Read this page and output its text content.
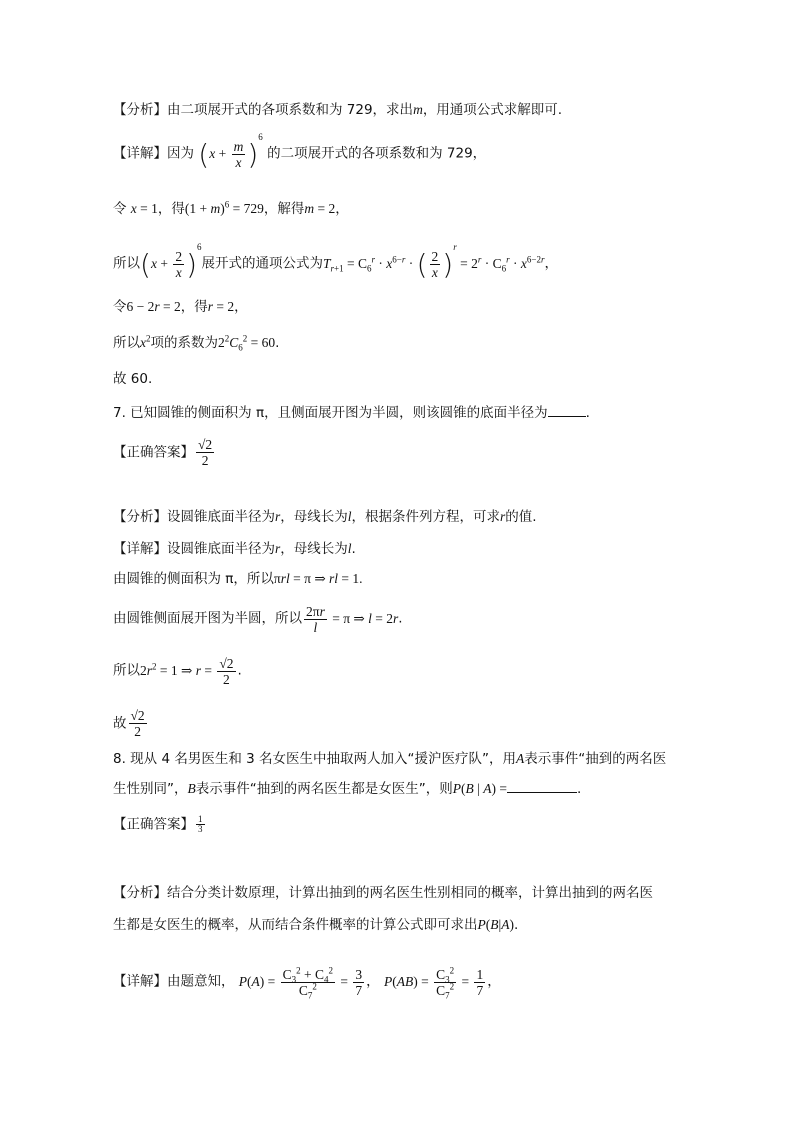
【分析】由二项展开式的各项系数和为 729，求出m，用通项公式求解即可.
【详解】因为 $(x + \frac{m}{x} )^6$ 的二项展开式的各项系数和为 729，
令 x = 1，得$(1 + m)^6 = 729$，解得m = 2，
所以$(x + \frac{2}{x} )^6$展开式的通项公式为$T_{r+1} = C_6^r \cdot x^{6-r}$ · ( $\frac{2}{x} )^r = 2^r \cdot C_6^r \cdot x^{6-2r}$，
令6 − 2r = 2，得r = 2，
所以$x^2$项的系数为$2^2C_6^2 = 60$.
故 60.
7. 已知圆锥的侧面积为 π，且侧面展开图为半圆，则该圆锥的底面半径为	.
【正确答案】 $\frac{√2}{2}$
【分析】设圆锥底面半径为r，母线长为l，根据条件列方程，可求r的值.
【详解】设圆锥底面半径为r，母线长为l.
由圆锥的侧面积为 π，所以πrl = π ⇒ rl = 1.
由圆锥侧面展开图为半圆，所以 $\frac{2\pi r}{l} = \pi$ ⇒ l = 2r.
所以$2r^2 = 1$ ⇒ $r = \frac{√2}{2}$ .
故 $\frac{√2}{2}$
8. 现从 4 名男医生和 3 名女医生中抽取两人加入“援沪医疗队”，用A表示事件“抽到的两名医
生性别同”，B表示事件“抽到的两名医生都是女医生”，则P(B | A) =	.
【正确答案】 $\frac{1}{3}$
【分析】结合分类计数原理，计算出抽到的两名医生性别相同的概率，计算出抽到的两名医
生都是女医生的概率，从而结合条件概率的计算公式即可求出P(B|A).
【详解】由题意知， $P(A) = \frac{C_3^2 + C_4^2}{C_7^2} = \frac{3}{7}$ ， $P(AB) = \frac{C_3^2}{C_7^2} = \frac{1}{7}$ ，
